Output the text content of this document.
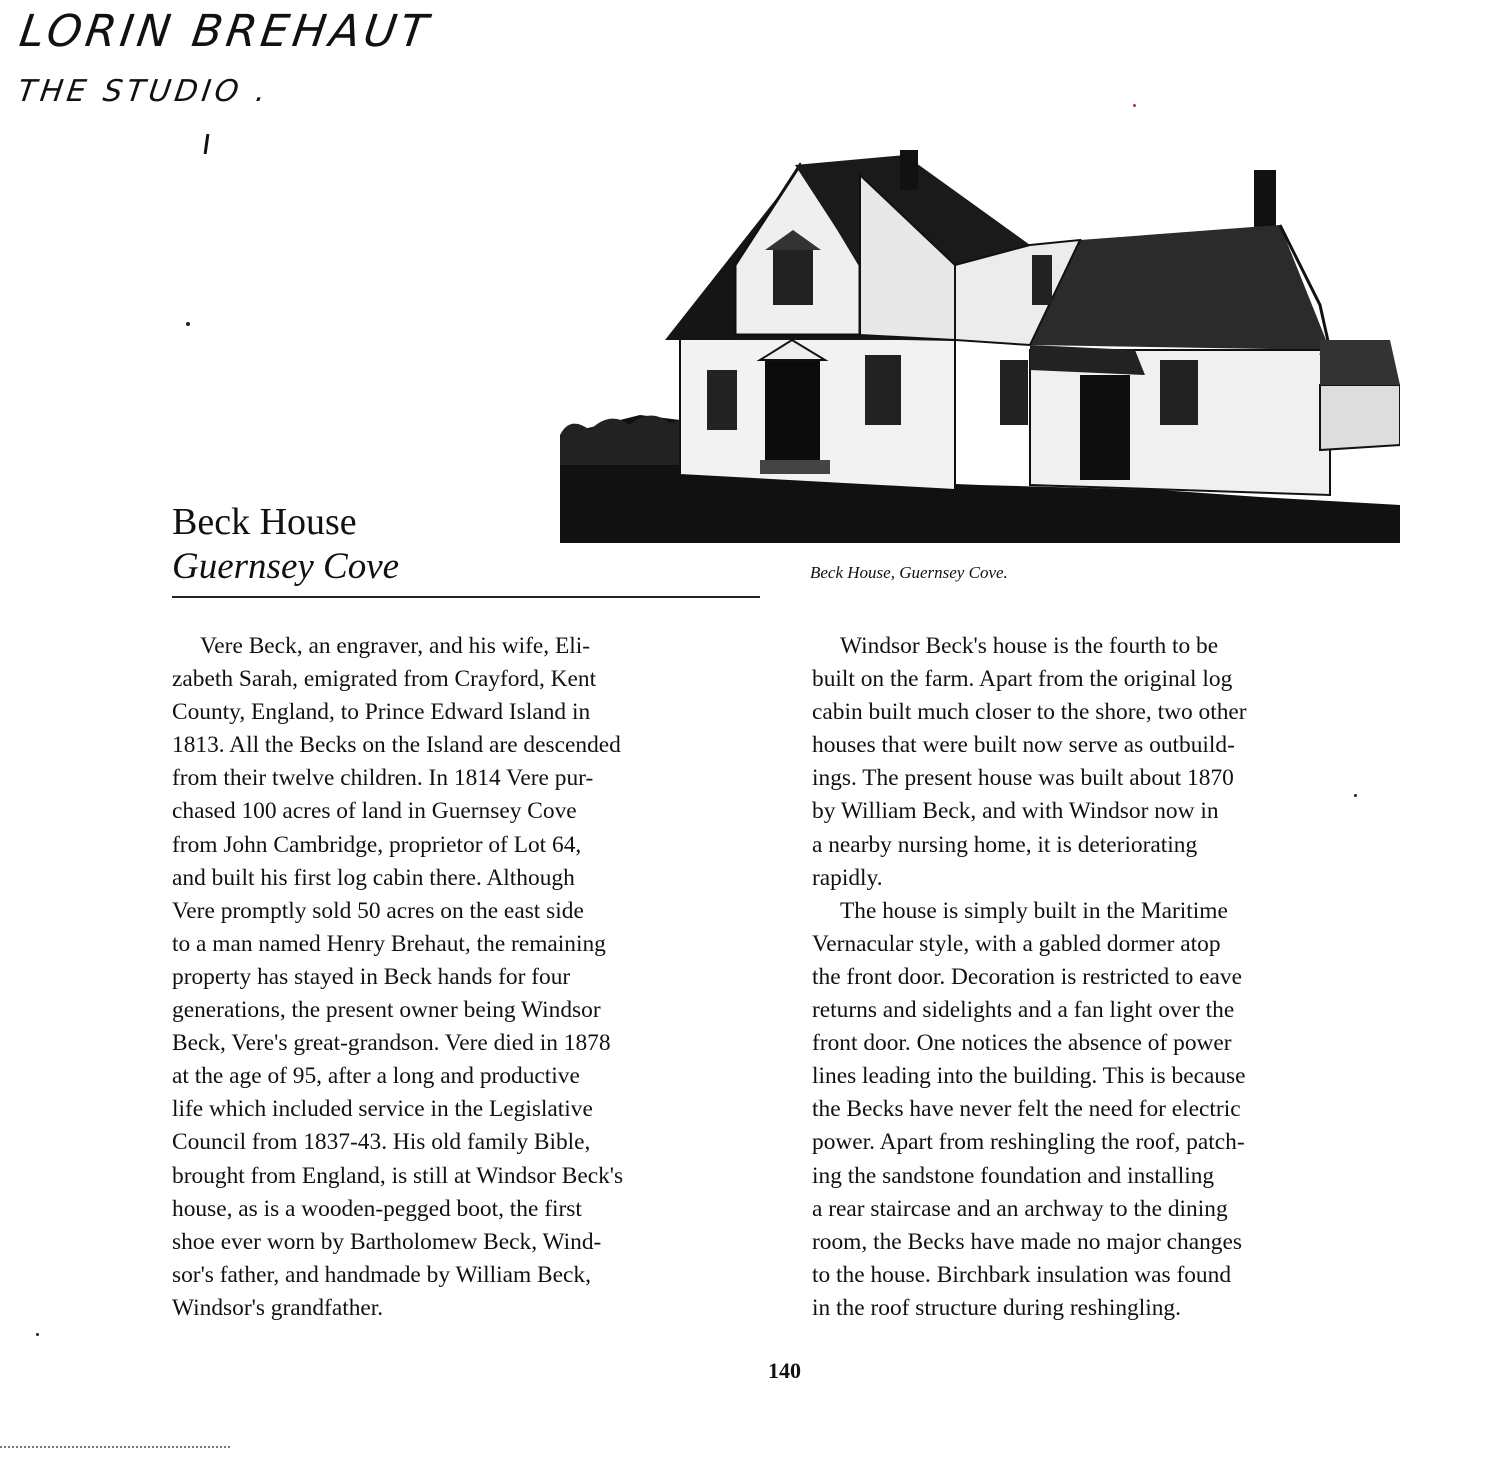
LORIN BREHAUT
THE STUDIO .
Beck House, Guernsey Cove.
Beck House
Guernsey Cove
Vere Beck, an engraver, and his wife, Eli-
zabeth Sarah, emigrated from Crayford, Kent
County, England, to Prince Edward Island in
1813. All the Becks on the Island are descended
from their twelve children. In 1814 Vere pur-
chased 100 acres of land in Guernsey Cove
from John Cambridge, proprietor of Lot 64,
and built his first log cabin there. Although
Vere promptly sold 50 acres on the east side
to a man named Henry Brehaut, the remaining
property has stayed in Beck hands for four
generations, the present owner being Windsor
Beck, Vere's great-grandson. Vere died in 1878
at the age of 95, after a long and productive
life which included service in the Legislative
Council from 1837-43. His old family Bible,
brought from England, is still at Windsor Beck's
house, as is a wooden-pegged boot, the first
shoe ever worn by Bartholomew Beck, Wind-
sor's father, and handmade by William Beck,
Windsor's grandfather.
Windsor Beck's house is the fourth to be
built on the farm. Apart from the original log
cabin built much closer to the shore, two other
houses that were built now serve as outbuild-
ings. The present house was built about 1870
by William Beck, and with Windsor now in
a nearby nursing home, it is deteriorating
rapidly.
The house is simply built in the Maritime
Vernacular style, with a gabled dormer atop
the front door. Decoration is restricted to eave
returns and sidelights and a fan light over the
front door. One notices the absence of power
lines leading into the building. This is because
the Becks have never felt the need for electric
power. Apart from reshingling the roof, patch-
ing the sandstone foundation and installing
a rear staircase and an archway to the dining
room, the Becks have made no major changes
to the house. Birchbark insulation was found
in the roof structure during reshingling.
140
